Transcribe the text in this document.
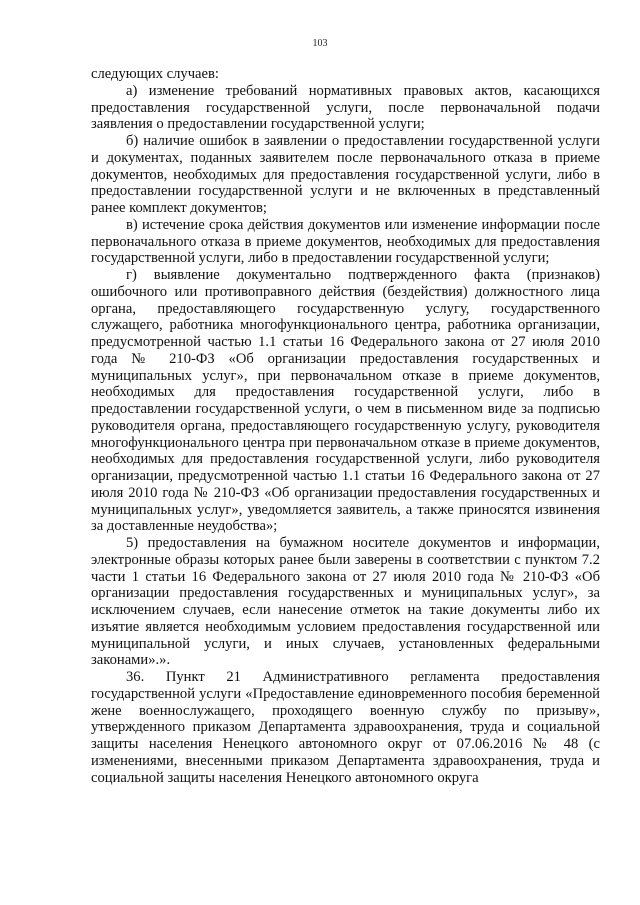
103

следующих случаев:

а) изменение требований нормативных правовых актов, касающихся предоставления государственной услуги, после первоначальной подачи заявления о предоставлении государственной услуги;

б) наличие ошибок в заявлении о предоставлении государственной услуги и документах, поданных заявителем после первоначального отказа в приеме документов, необходимых для предоставления государственной услуги, либо в предоставлении государственной услуги и не включенных в представленный ранее комплект документов;

в) истечение срока действия документов или изменение информации после первоначального отказа в приеме документов, необходимых для предоставления государственной услуги, либо в предоставлении государственной услуги;

г) выявление документально подтвержденного факта (признаков) ошибочного или противоправного действия (бездействия) должностного лица органа, предоставляющего государственную услугу, государственного служащего, работника многофункционального центра, работника организации, предусмотренной частью 1.1 статьи 16 Федерального закона от 27 июля 2010 года № 210-ФЗ «Об организации предоставления государственных и муниципальных услуг», при первоначальном отказе в приеме документов, необходимых для предоставления государственной услуги, либо в предоставлении государственной услуги, о чем в письменном виде за подписью руководителя органа, предоставляющего государственную услугу, руководителя многофункционального центра при первоначальном отказе в приеме документов, необходимых для предоставления государственной услуги, либо руководителя организации, предусмотренной частью 1.1 статьи 16 Федерального закона от 27 июля 2010 года № 210-ФЗ «Об организации предоставления государственных и муниципальных услуг», уведомляется заявитель, а также приносятся извинения за доставленные неудобства»;

5) предоставления на бумажном носителе документов и информации, электронные образы которых ранее были заверены в соответствии с пунктом 7.2 части 1 статьи 16 Федерального закона от 27 июля 2010 года № 210-ФЗ «Об организации предоставления государственных и муниципальных услуг», за исключением случаев, если нанесение отметок на такие документы либо их изъятие является необходимым условием предоставления государственной или муниципальной услуги, и иных случаев, установленных федеральными законами».».

36. Пункт 21 Административного регламента предоставления государственной услуги «Предоставление единовременного пособия беременной жене военнослужащего, проходящего военную службу по призыву», утвержденного приказом Департамента здравоохранения, труда и социальной защиты населения Ненецкого автономного округ от 07.06.2016 № 48 (с изменениями, внесенными приказом Департамента здравоохранения, труда и социальной защиты населения Ненецкого автономного округа
